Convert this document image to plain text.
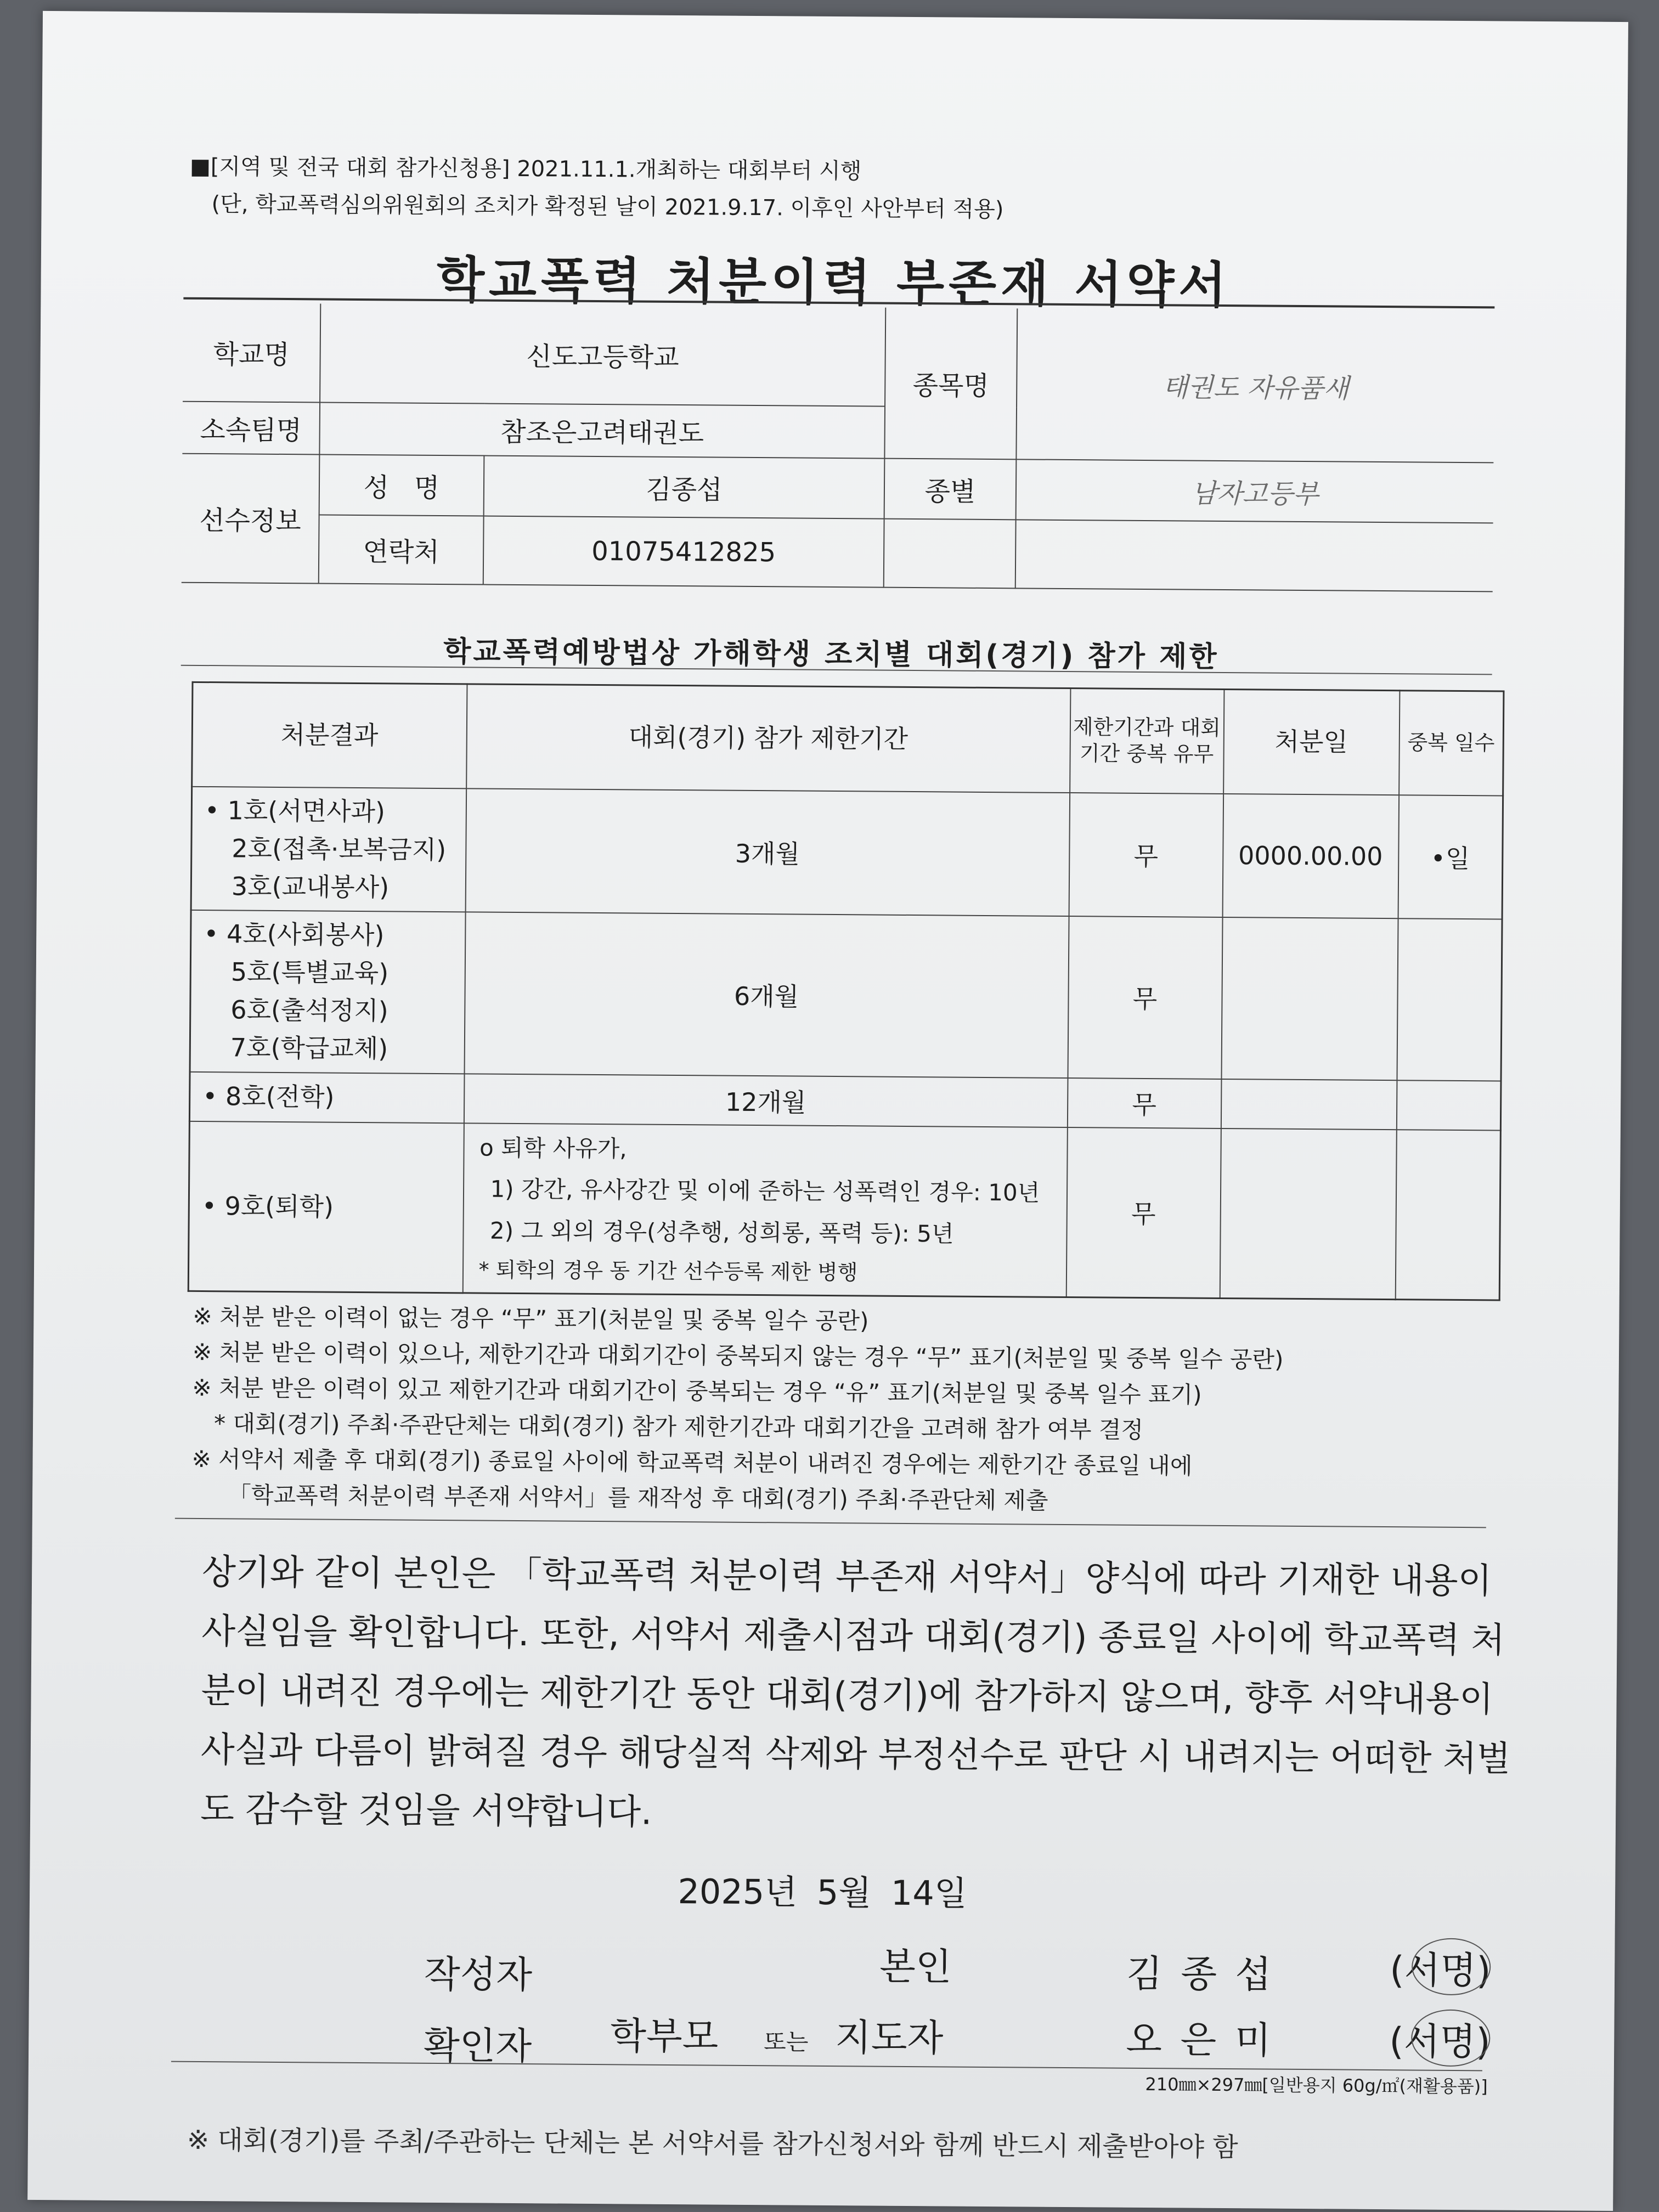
■[지역 및 전국 대회 참가신청용] 2021.11.1.개최하는 대회부터 시행
(단, 학교폭력심의위원회의 조치가 확정된 날이 2021.9.17. 이후인 사안부터 적용)
학교폭력 처분이력 부존재 서약서
학교명	신도고등학교		종목명	태권도 자유품새
소속팀명	참조은고려태권도			
선수정보	성   명	김종섭	종별	남자고등부
	연락처	01075412825		
학교폭력예방법상 가해학생 조치별 대회(경기) 참가 제한
처분결과	대회(경기) 참가 제한기간	제한기간과 대회기간 중복 유무	처분일	중복 일수

• 1호(서면사과)
2호(접촉·보복금지)
3호(교내봉사)	3개월	무	0000.00.00	•일

• 4호(사회봉사)
5호(특별교육)
6호(출석정지)
7호(학급교체)	6개월	무		
• 8호(전학)	12개월	무		
• 9호(퇴학)	o 퇴학 사유가,
1) 강간, 유사강간 및 이에 준하는 성폭력인 경우: 10년
2) 그 외의 경우(성추행, 성희롱, 폭력 등): 5년
* 퇴학의 경우 동 기간 선수등록 제한 병행	무		
※ 처분 받은 이력이 없는 경우 “무” 표기(처분일 및 중복 일수 공란)
※ 처분 받은 이력이 있으나, 제한기간과 대회기간이 중복되지 않는 경우 “무” 표기(처분일 및 중복 일수 공란)
※ 처분 받은 이력이 있고 제한기간과 대회기간이 중복되는 경우 “유” 표기(처분일 및 중복 일수 표기)
* 대회(경기) 주최·주관단체는 대회(경기) 참가 제한기간과 대회기간을 고려해 참가 여부 결정
※ 서약서 제출 후 대회(경기) 종료일 사이에 학교폭력 처분이 내려진 경우에는 제한기간 종료일 내에
「학교폭력 처분이력 부존재 서약서」를 재작성 후 대회(경기) 주최·주관단체 제출
상기와 같이 본인은 「학교폭력 처분이력 부존재 서약서」양식에 따라 기재한 내용이 사실임을 확인합니다. 또한, 서약서 제출시점과 대회(경기) 종료일 사이에 학교폭력 처분이 내려진 경우에는 제한기간 동안 대회(경기)에 참가하지 않으며, 향후 서약내용이 사실과 다름이 밝혀질 경우 해당실적 삭제와 부정선수로 판단 시 내려지는 어떠한 처벌도 감수할 것임을 서약합니다.
2025년 5월 14일
작성자	본인	김 종 섭	(서명)
확인자 학부모 또는 지도자	오 은 미	(서명)
210㎜×297㎜[일반용지 60g/㎡(재활용품)]
※ 대회(경기)를 주최/주관하는 단체는 본 서약서를 참가신청서와 함께 반드시 제출받아야 함
